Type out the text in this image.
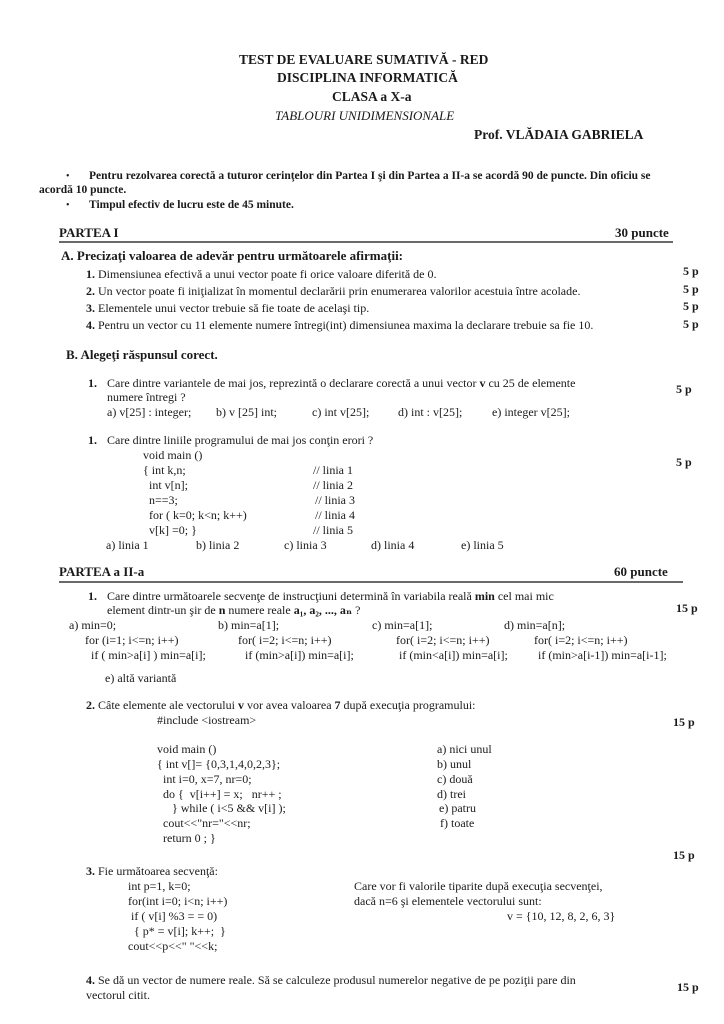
TEST DE EVALUARE SUMATIVĂ - RED
DISCIPLINA INFORMATICĂ
CLASA a X-a
TABLOURI UNIDIMENSIONALE
Prof. VLĂDAIA GABRIELA
• Pentru rezolvarea corectă a tuturor cerinţelor din Partea I şi din Partea a II-a se acordă 90 de puncte. Din oficiu se
acordă 10 puncte.
• Timpul efectiv de lucru este de 45 minute.
PARTEA I	30 puncte
A. Precizaţi valoarea de adevăr pentru următoarele afirmaţii:
1. Dimensiunea efectivă a unui vector poate fi orice valoare diferită de 0.	5 p
2. Un vector poate fi iniţializat în momentul declarării prin enumerarea valorilor acestuia între acolade.	5 p
3. Elementele unui vector trebuie să fie toate de acelaşi tip.	5 p
4. Pentru un vector cu 11 elemente numere întregi(int) dimensiunea maxima la declarare trebuie sa fie 10.	5 p
B. Alegeţi răspunsul corect.
1. Care dintre variantele de mai jos, reprezintă o declarare corectă a unui vector v cu 25 de elemente
numere întregi ?
5 p
a) v[25] : integer; b) v [25] int;	c) int v[25]; d) int : v[25]; e) integer v[25];
1. Care dintre liniile programului de mai jos conţin erori ?
5 p
void main ()
{ int k,n;	// linia 1
int v[n];	// linia 2
n==3;	// linia 3
for ( k=0; k<n; k++)	// linia 4
v[k] =0; }	// linia 5
a) linia 1	b) linia 2	c) linia 3	d) linia 4	e) linia 5
PARTEA a II-a	60 puncte
1. Care dintre următoarele secvenţe de instrucţiuni determină în variabila reală min cel mai mic
element dintr-un şir de n numere reale a₁, a₂, ..., aₙ ?	15 p
a) min=0;
for (i=1; i<=n; i++)
if ( min>a[i] ) min=a[i];
b) min=a[1];
for( i=2; i<=n; i++)
if (min>a[i]) min=a[i];
c) min=a[1];
for( i=2; i<=n; i++)
if (min<a[i]) min=a[i];
d) min=a[n];
for( i=2; i<=n; i++)
if (min>a[i-1]) min=a[i-1];
e) altă variantă
2. Câte elemente ale vectorului v vor avea valoarea 7 după execuţia programului:
#include <iostream>	15 p
void main ()
{ int v[]= {0,3,1,4,0,2,3};
int i=0, x=7, nr=0;
do {  v[i++] = x;   nr++ ;
} while ( i<5 && v[i] );
cout<<"nr="<<nr;
return 0 ; }
a) nici unul
b) unul
c) două
d) trei
e) patru
f) toate
15 p
3. Fie următoarea secvenţă:
int p=1, k=0;
for(int i=0; i<n; i++)
if ( v[i] %3 = = 0)
{ p* = v[i]; k++;  }
cout<<p<<" "<<k;
Care vor fi valorile tiparite după execuţia secvenţei,
dacă n=6 şi elementele vectorului sunt:
v = {10, 12, 8, 2, 6, 3}
4. Se dă un vector de numere reale. Să se calculeze produsul numerelor negative de pe poziţii pare din
vectorul citit.
15 p
